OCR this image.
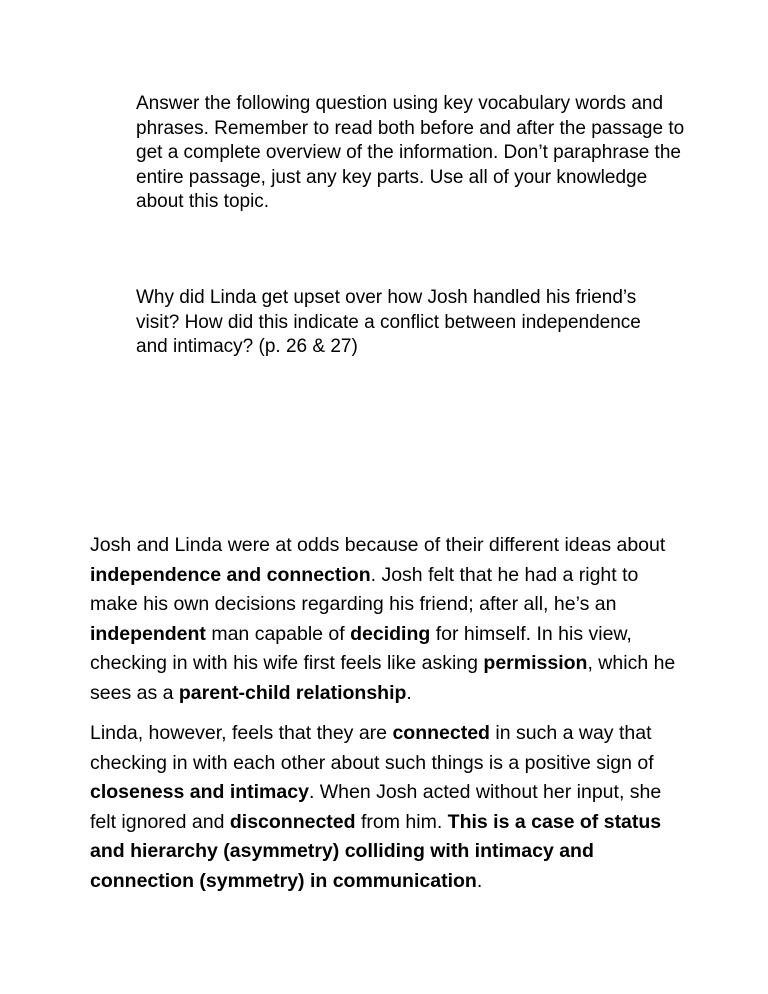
Answer the following question using key vocabulary words and phrases. Remember to read both before and after the passage to get a complete overview of the information. Don’t paraphrase the entire passage, just any key parts. Use all of your knowledge about this topic.

Why did Linda get upset over how Josh handled his friend’s visit? How did this indicate a conflict between independence and intimacy? (p. 26 & 27)

Josh and Linda were at odds because of their different ideas about independence and connection. Josh felt that he had a right to make his own decisions regarding his friend; after all, he’s an independent man capable of deciding for himself. In his view, checking in with his wife first feels like asking permission, which he sees as a parent-child relationship.

Linda, however, feels that they are connected in such a way that checking in with each other about such things is a positive sign of closeness and intimacy. When Josh acted without her input, she felt ignored and disconnected from him. This is a case of status and hierarchy (asymmetry) colliding with intimacy and connection (symmetry) in communication.
